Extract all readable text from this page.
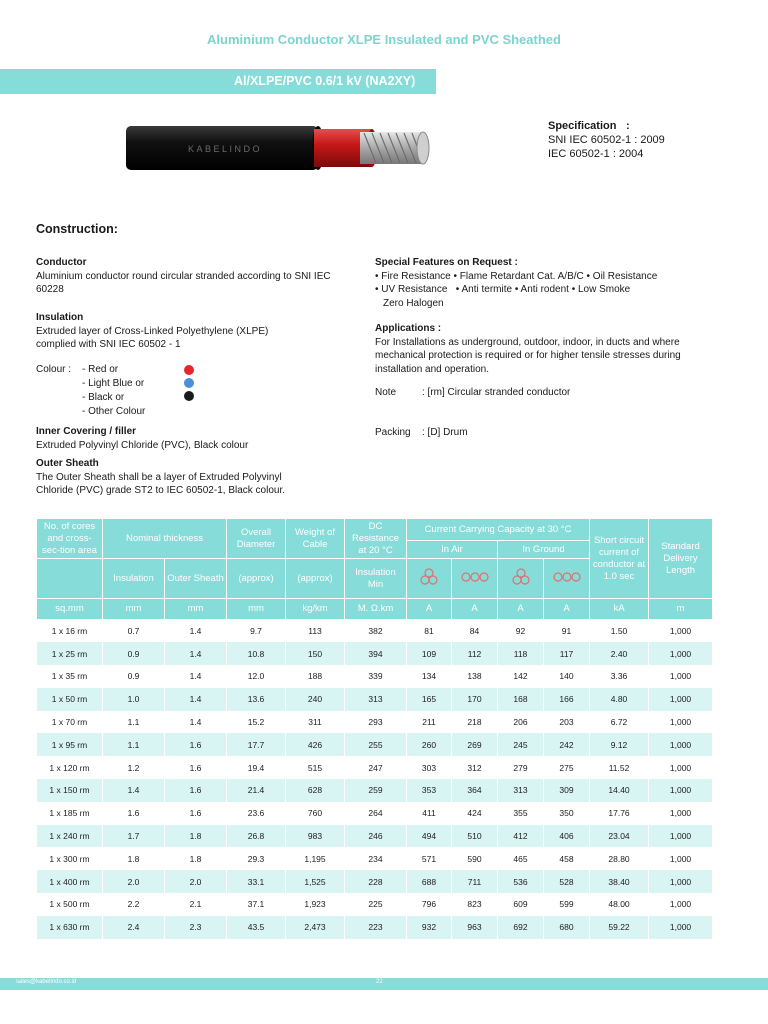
Aluminium Conductor XLPE Insulated and PVC Sheathed
Al/XLPE/PVC 0.6/1 kV (NA2XY)
KABELINDO
Specification :
SNI IEC 60502-1 : 2009
IEC 60502-1 : 2004
Construction:
Conductor
Aluminium conductor round circular stranded according to SNI IEC 60228
Insulation
Extruded layer of Cross-Linked Polyethylene (XLPE)
complied with SNI IEC 60502 - 1
Colour : - Red or
- Light Blue or
- Black or
- Other Colour
Inner Covering / filler
Extruded Polyvinyl Chloride (PVC), Black colour
Outer Sheath
The Outer Sheath shall be a layer of Extruded Polyvinyl
Chloride (PVC) grade ST2 to IEC 60502-1, Black colour.
Special Features on Request :
• Fire Resistance • Flame Retardant Cat. A/B/C • Oil Resistance
• UV Resistance   • Anti termite • Anti rodent • Low Smoke
Zero Halogen
Applications :
For Installations as underground, outdoor, indoor, in ducts and where
mechanical protection is required or for higher tensile stresses during
installation and operation.
Note	: [rm] Circular stranded conductor
Packing : [D] Drum
No. of cores and cross-sec-tion area	Nominal thickness		Overall Diameter	Weight of Cable	DC Resistance at 20 °C	Current Carrying Capacity at 30 °C				Short circuit current of conductor at 1.0 sec	Standard Delivery Length
						In Air		In Ground			
	Insulation	Outer Sheath	(approx)	(approx)	Insulation Min				
sq.mm	mm	mm	mm	kg/km	M. Ω.km	A	A	A	A	kA	m
1 x 16 rm	0.7	1.4	9.7	113	382	81	84	92	91	1.50	1,000
1 x 25 rm	0.9	1.4	10.8	150	394	109	112	118	117	2.40	1,000
1 x 35 rm	0.9	1.4	12.0	188	339	134	138	142	140	3.36	1,000
1 x 50 rm	1.0	1.4	13.6	240	313	165	170	168	166	4.80	1,000
1 x 70 rm	1.1	1.4	15.2	311	293	211	218	206	203	6.72	1,000
1 x 95 rm	1.1	1.6	17.7	426	255	260	269	245	242	9.12	1,000
1 x 120 rm	1.2	1.6	19.4	515	247	303	312	279	275	11.52	1,000
1 x 150 rm	1.4	1.6	21.4	628	259	353	364	313	309	14.40	1,000
1 x 185 rm	1.6	1.6	23.6	760	264	411	424	355	350	17.76	1,000
1 x 240 rm	1.7	1.8	26.8	983	246	494	510	412	406	23.04	1,000
1 x 300 rm	1.8	1.8	29.3	1,195	234	571	590	465	458	28.80	1,000
1 x 400 rm	2.0	2.0	33.1	1,525	228	688	711	536	528	38.40	1,000
1 x 500 rm	2.2	2.1	37.1	1,923	225	796	823	609	599	48.00	1,000
1 x 630 rm	2.4	2.3	43.5	2,473	223	932	963	692	680	59.22	1,000
sales@kabelindo.co.id	22
